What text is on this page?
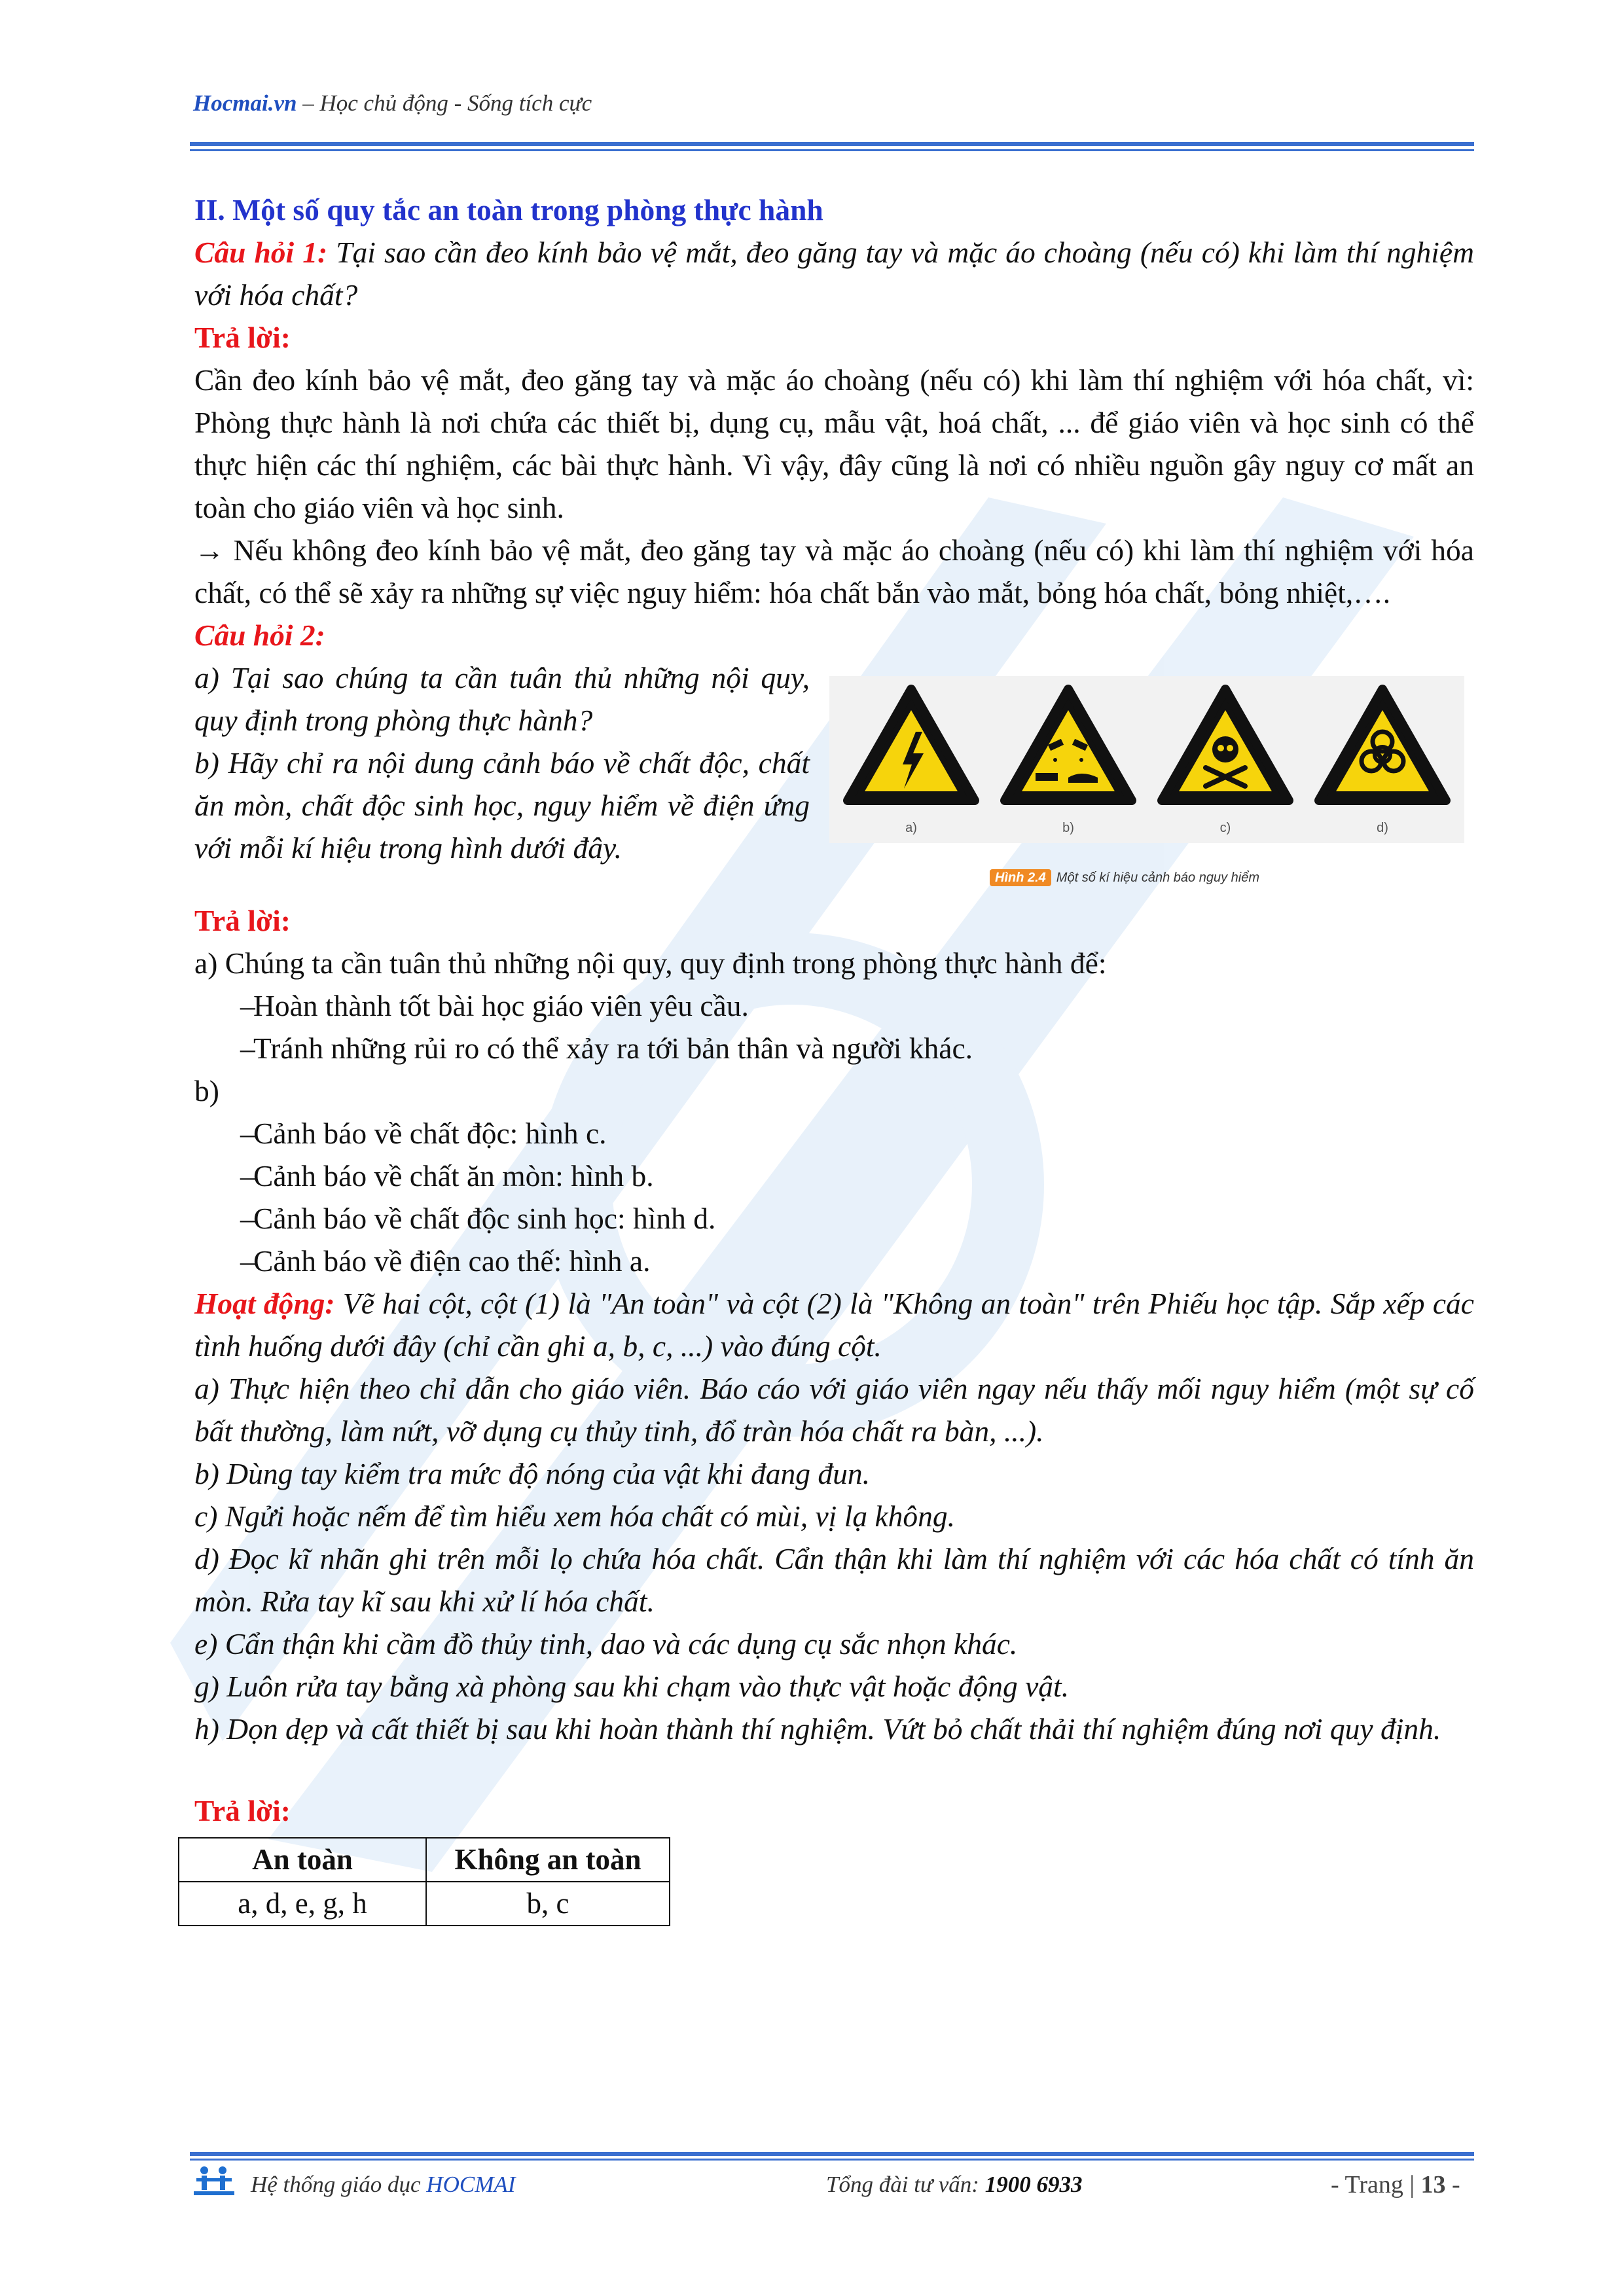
Hocmai.vn – Học chủ động - Sống tích cực

II. Một số quy tắc an toàn trong phòng thực hành

Câu hỏi 1: Tại sao cần đeo kính bảo vệ mắt, đeo găng tay và mặc áo choàng (nếu có) khi làm thí nghiệm với hóa chất?

Trả lời:

Cần đeo kính bảo vệ mắt, đeo găng tay và mặc áo choàng (nếu có) khi làm thí nghiệm với hóa chất, vì: Phòng thực hành là nơi chứa các thiết bị, dụng cụ, mẫu vật, hoá chất, ... để giáo viên và học sinh có thể thực hiện các thí nghiệm, các bài thực hành. Vì vậy, đây cũng là nơi có nhiều nguồn gây nguy cơ mất an toàn cho giáo viên và học sinh.

→ Nếu không đeo kính bảo vệ mắt, đeo găng tay và mặc áo choàng (nếu có) khi làm thí nghiệm với hóa chất, có thể sẽ xảy ra những sự việc nguy hiểm: hóa chất bắn vào mắt, bỏng hóa chất, bỏng nhiệt,….

Câu hỏi 2:

a) Tại sao chúng ta cần tuân thủ những nội quy, quy định trong phòng thực hành?

b) Hãy chỉ ra nội dung cảnh báo về chất độc, chất ăn mòn, chất độc sinh học, nguy hiểm về điện ứng với mỗi kí hiệu trong hình dưới đây.

a)	b)	c)	d)
Hình 2.4 Một số kí hiệu cảnh báo nguy hiểm

Trả lời:

a) Chúng ta cần tuân thủ những nội quy, quy định trong phòng thực hành để:

–
Hoàn thành tốt bài học giáo viên yêu cầu.

–
Tránh những rủi ro có thể xảy ra tới bản thân và người khác.

b)

–
Cảnh báo về chất độc: hình c.

–
Cảnh báo về chất ăn mòn: hình b.

–
Cảnh báo về chất độc sinh học: hình d.

–
Cảnh báo về điện cao thế: hình a.

Hoạt động: Vẽ hai cột, cột (1) là "An toàn" và cột (2) là "Không an toàn" trên Phiếu học tập. Sắp xếp các tình huống dưới đây (chỉ cần ghi a, b, c, ...) vào đúng cột.

a) Thực hiện theo chỉ dẫn cho giáo viên. Báo cáo với giáo viên ngay nếu thấy mối nguy hiểm (một sự cố bất thường, làm nứt, vỡ dụng cụ thủy tinh, đổ tràn hóa chất ra bàn, ...).

b) Dùng tay kiểm tra mức độ nóng của vật khi đang đun.

c) Ngửi hoặc nếm để tìm hiểu xem hóa chất có mùi, vị lạ không.

d) Đọc kĩ nhãn ghi trên mỗi lọ chứa hóa chất. Cẩn thận khi làm thí nghiệm với các hóa chất có tính ăn mòn. Rửa tay kĩ sau khi xử lí hóa chất.

e) Cẩn thận khi cầm đồ thủy tinh, dao và các dụng cụ sắc nhọn khác.

g) Luôn rửa tay bằng xà phòng sau khi chạm vào thực vật hoặc động vật.

h) Dọn dẹp và cất thiết bị sau khi hoàn thành thí nghiệm. Vứt bỏ chất thải thí nghiệm đúng nơi quy định.

Trả lời:

An toàn	Không an toàn
a, d, e, g, h	b, c
Hệ thống giáo dục HOCMAI	Tổng đài tư vấn: 1900 6933	- Trang | 13 -
